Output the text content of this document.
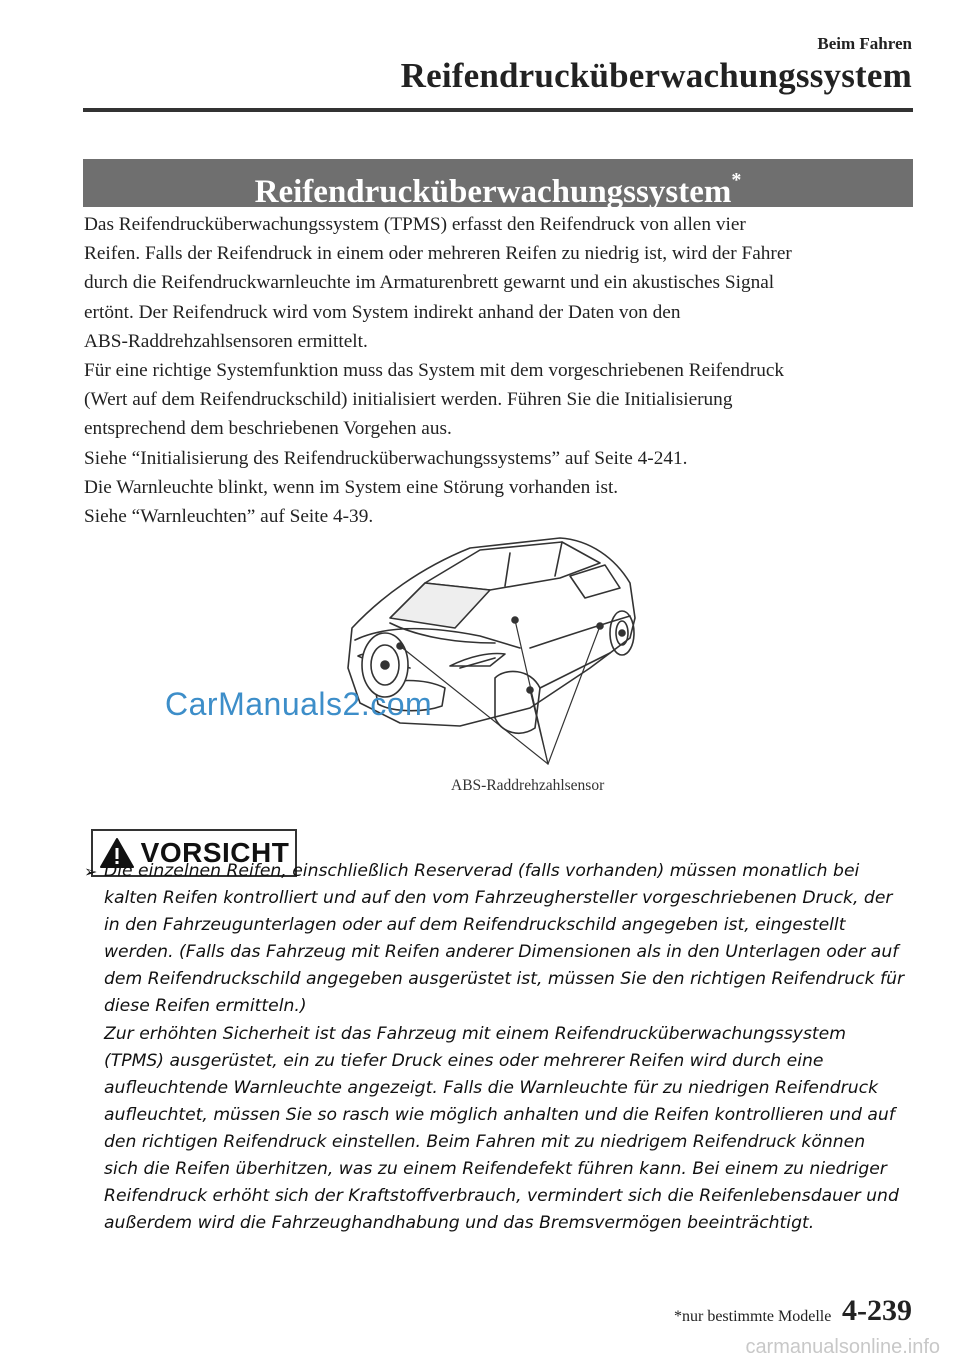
Beim Fahren
Reifendrucküberwachungssystem
Reifendrucküberwachungssystem*

Das Reifendrucküberwachungssystem (TPMS) erfasst den Reifendruck von allen vier

Reifen. Falls der Reifendruck in einem oder mehreren Reifen zu niedrig ist, wird der Fahrer

durch die Reifendruckwarnleuchte im Armaturenbrett gewarnt und ein akustisches Signal

ertönt. Der Reifendruck wird vom System indirekt anhand der Daten von den

ABS-Raddrehzahlsensoren ermittelt.

Für eine richtige Systemfunktion muss das System mit dem vorgeschriebenen Reifendruck

(Wert auf dem Reifendruckschild) initialisiert werden. Führen Sie die Initialisierung

entsprechend dem beschriebenen Vorgehen aus.

Siehe “Initialisierung des Reifendrucküberwachungssystems” auf Seite 4-241.

Die Warnleuchte blinkt, wenn im System eine Störung vorhanden ist.

Siehe “Warnleuchten” auf Seite 4-39.

ABS-Raddrehzahlsensor
CarManuals2.com
VORSICHT
➢ Die einzelnen Reifen, einschließlich Reserverad (falls vorhanden) müssen monatlich bei

kalten Reifen kontrolliert und auf den vom Fahrzeughersteller vorgeschriebenen Druck, der

in den Fahrzeugunterlagen oder auf dem Reifendruckschild angegeben ist, eingestellt

werden. (Falls das Fahrzeug mit Reifen anderer Dimensionen als in den Unterlagen oder auf

dem Reifendruckschild angegeben ausgerüstet ist, müssen Sie den richtigen Reifendruck für

diese Reifen ermitteln.)

Zur erhöhten Sicherheit ist das Fahrzeug mit einem Reifendrucküberwachungssystem

(TPMS) ausgerüstet, ein zu tiefer Druck eines oder mehrerer Reifen wird durch eine

aufleuchtende Warnleuchte angezeigt. Falls die Warnleuchte für zu niedrigen Reifendruck

aufleuchtet, müssen Sie so rasch wie möglich anhalten und die Reifen kontrollieren und auf

den richtigen Reifendruck einstellen. Beim Fahren mit zu niedrigem Reifendruck können

sich die Reifen überhitzen, was zu einem Reifendefekt führen kann. Bei einem zu niedriger

Reifendruck erhöht sich der Kraftstoffverbrauch, vermindert sich die Reifenlebensdauer und

außerdem wird die Fahrzeughandhabung und das Bremsvermögen beeinträchtigt.

*nur bestimmte Modelle 4-239
carmanualsonline.info
